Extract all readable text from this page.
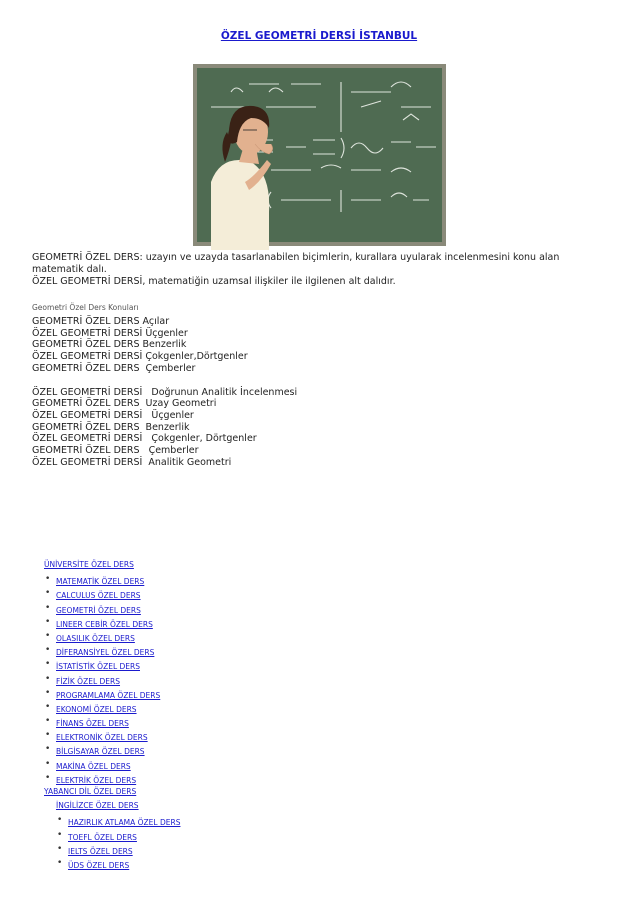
ÖZEL GEOMETRİ DERSİ İSTANBUL

GEOMETRİ ÖZEL DERS: uzayın ve uzayda tasarlanabilen biçimlerin, kurallara uyularak incelenmesini konu alan matematik dalı.

ÖZEL GEOMETRİ DERSİ, matematiğin uzamsal ilişkiler ile ilgilenen alt dalıdır.

Geometri Özel Ders Konuları

GEOMETRİ ÖZEL DERS Açılar
ÖZEL GEOMETRİ DERSİ Üçgenler
GEOMETRİ ÖZEL DERS Benzerlik
ÖZEL GEOMETRİ DERSİ Çokgenler,Dörtgenler
GEOMETRİ ÖZEL DERS  Çemberler
ÖZEL GEOMETRİ DERSİ   Doğrunun Analitik İncelenmesi
GEOMETRİ ÖZEL DERS  Uzay Geometri
ÖZEL GEOMETRİ DERSİ   Üçgenler
GEOMETRİ ÖZEL DERS  Benzerlik
ÖZEL GEOMETRİ DERSİ   Çokgenler, Dörtgenler
GEOMETRİ ÖZEL DERS   Çemberler
ÖZEL GEOMETRİ DERSİ  Analitik Geometri
ÜNİVERSİTE ÖZEL DERS
• MATEMATİK ÖZEL DERS
• CALCULUS ÖZEL DERS
• GEOMETRİ ÖZEL DERS
• LINEER CEBİR ÖZEL DERS
• OLASILIK ÖZEL DERS
• DİFERANSİYEL ÖZEL DERS
• İSTATİSTİK ÖZEL DERS
• FİZİK ÖZEL DERS
• PROGRAMLAMA ÖZEL DERS
• EKONOMİ ÖZEL DERS
• FİNANS ÖZEL DERS
• ELEKTRONİK ÖZEL DERS
• BİLGİSAYAR ÖZEL DERS
• MAKİNA ÖZEL DERS
• ELEKTRİK ÖZEL DERS
YABANCI DİL ÖZEL DERS
İNGİLİZCE ÖZEL DERS
• HAZIRLIK ATLAMA ÖZEL DERS
• TOEFL ÖZEL DERS
• IELTS ÖZEL DERS
• ÜDS ÖZEL DERS
